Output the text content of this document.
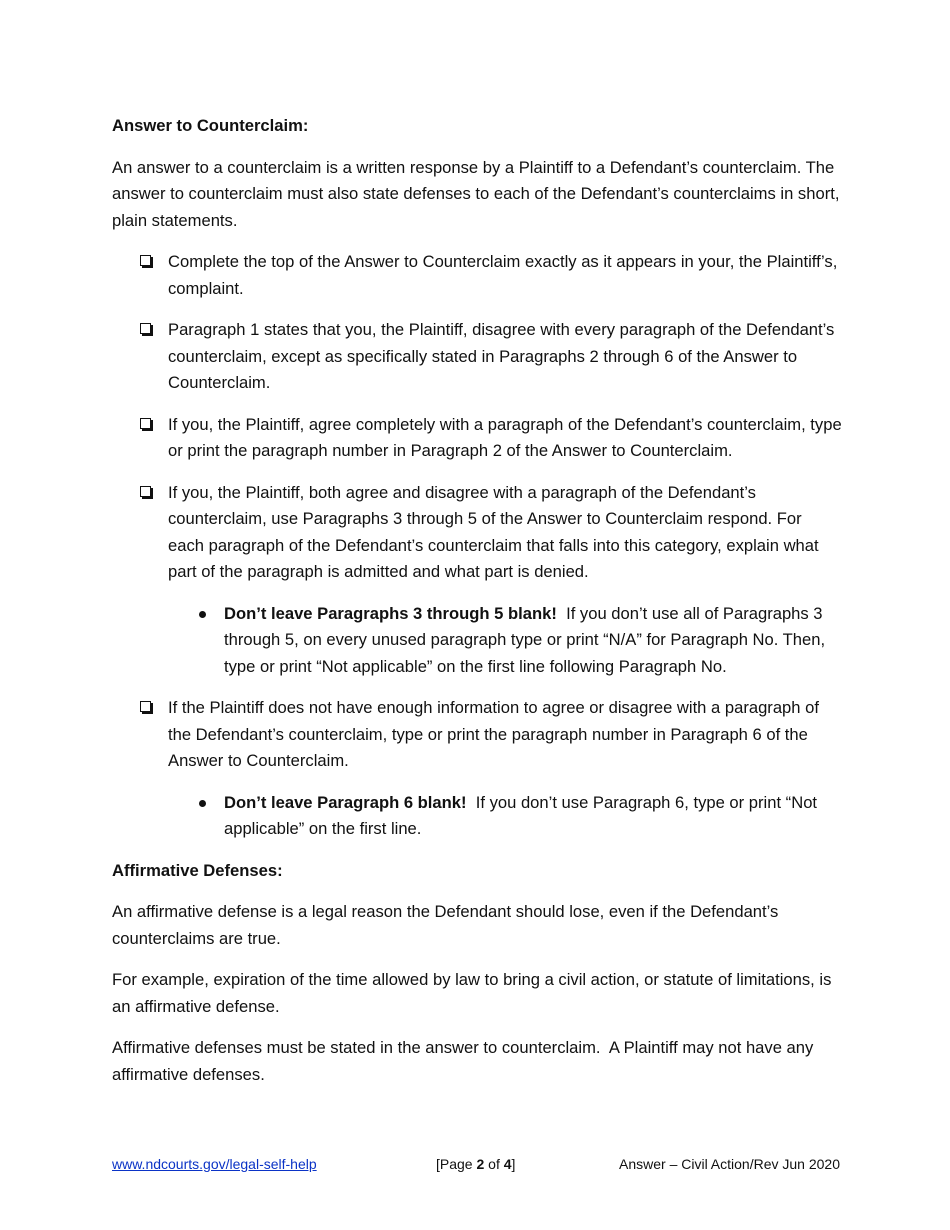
Answer to Counterclaim:
An answer to a counterclaim is a written response by a Plaintiff to a Defendant’s counterclaim. The answer to counterclaim must also state defenses to each of the Defendant’s counterclaims in short, plain statements.
Complete the top of the Answer to Counterclaim exactly as it appears in your, the Plaintiff’s, complaint.
Paragraph 1 states that you, the Plaintiff, disagree with every paragraph of the Defendant’s counterclaim, except as specifically stated in Paragraphs 2 through 6 of the Answer to Counterclaim.
If you, the Plaintiff, agree completely with a paragraph of the Defendant’s counterclaim, type or print the paragraph number in Paragraph 2 of the Answer to Counterclaim.
If you, the Plaintiff, both agree and disagree with a paragraph of the Defendant’s counterclaim, use Paragraphs 3 through 5 of the Answer to Counterclaim respond. For each paragraph of the Defendant’s counterclaim that falls into this category, explain what part of the paragraph is admitted and what part is denied.
Don’t leave Paragraphs 3 through 5 blank!  If you don’t use all of Paragraphs 3 through 5, on every unused paragraph type or print “N/A” for Paragraph No. Then, type or print “Not applicable” on the first line following Paragraph No.
If the Plaintiff does not have enough information to agree or disagree with a paragraph of the Defendant’s counterclaim, type or print the paragraph number in Paragraph 6 of the Answer to Counterclaim.
Don’t leave Paragraph 6 blank!  If you don’t use Paragraph 6, type or print “Not applicable” on the first line.
Affirmative Defenses:
An affirmative defense is a legal reason the Defendant should lose, even if the Defendant’s counterclaims are true.
For example, expiration of the time allowed by law to bring a civil action, or statute of limitations, is an affirmative defense.
Affirmative defenses must be stated in the answer to counterclaim.  A Plaintiff may not have any affirmative defenses.
www.ndcourts.gov/legal-self-help	[Page 2 of 4]	Answer – Civil Action/Rev Jun 2020
